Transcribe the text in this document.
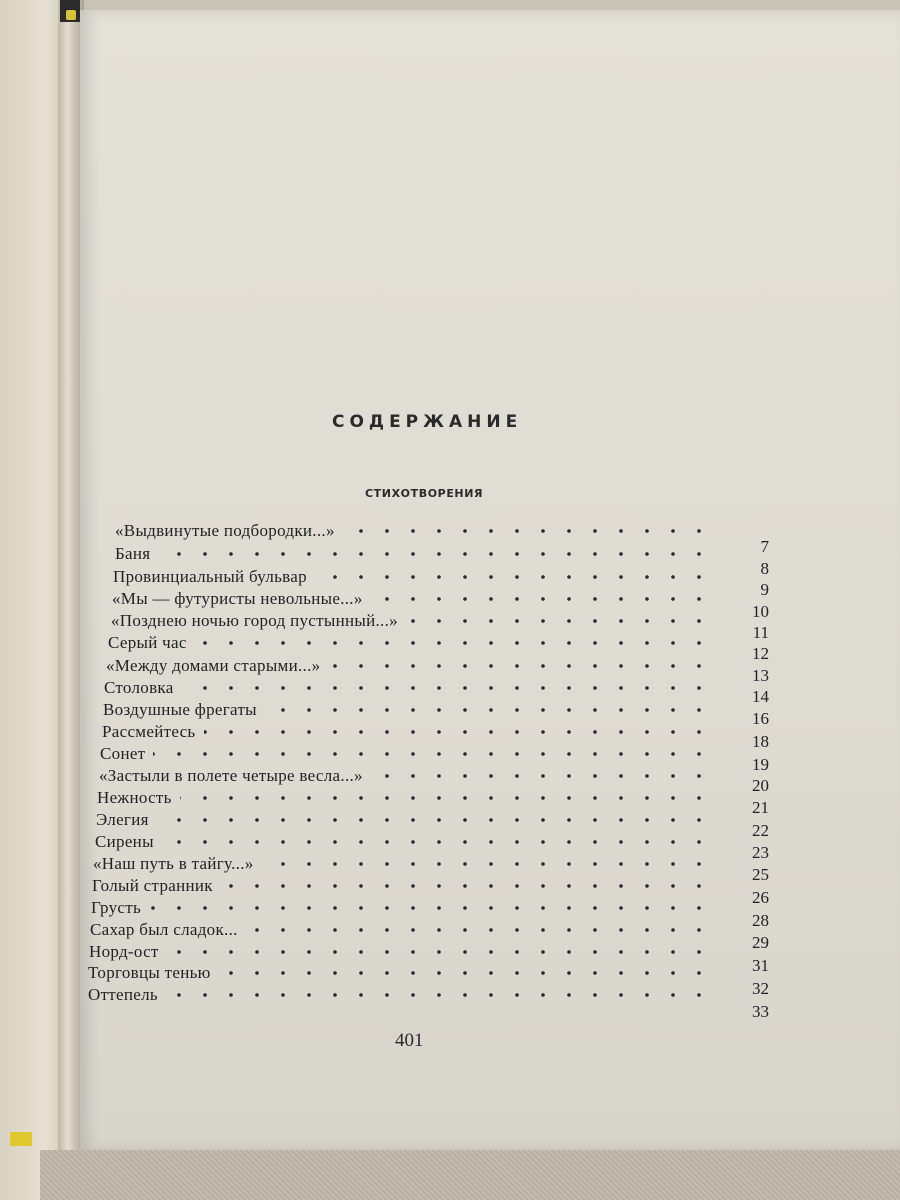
СОДЕРЖАНИЕ
СТИХОТВОРЕНИЯ
«Выдвинутые подбородки...»
7
Баня
8
Провинциальный бульвар
9
«Мы — футуристы невольные...»
10
«Позднею ночью город пустынный...»
11
Серый час
12
«Между домами старыми...»
13
Столовка	14
Воздушные фрегаты	16
Рассмейтесь
18
Сонет
19
«Застыли в полете четыре весла...»
20
Нежность
21
Элегия
22
Сирены
23
«Наш путь в тайгу...»
25
Голый странник
26
Грусть
28
Сахар был сладок...
29
Норд-ост
31
Торговцы тенью
32
Оттепель
33
401
